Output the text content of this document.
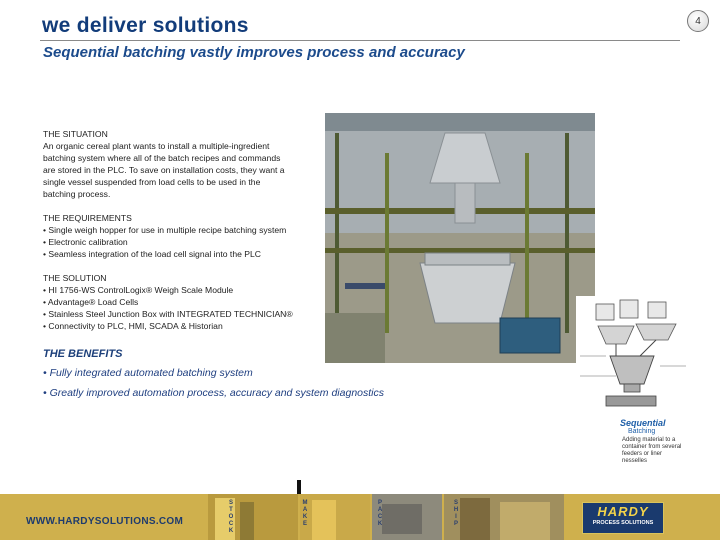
we deliver solutions	4
Sequential batching vastly improves process and accuracy
THE SITUATION
An organic cereal plant wants to install a multiple-ingredient
batching system where all of the batch recipes and commands
are stored in the PLC. To save on installation costs, they want a
single vessel suspended from load cells to be used in the
batching process.
THE REQUIREMENTS
• Single weigh hopper for use in multiple recipe batching system
• Electronic calibration
• Seamless integration of the load cell signal into the PLC
THE SOLUTION
• HI 1756-WS ControlLogix® Weigh Scale Module
• Advantage® Load Cells
• Stainless Steel Junction Box with INTEGRATED TECHNICIAN®
• Connectivity to PLC, HMI, SCADA & Historian
THE BENEFITS
• Fully integrated automated batching system
• Greatly improved automation process, accuracy and system diagnostics
Sequential
Batching
Adding material to a container from several feeders or liner nesselles
WWW.HARDYSOLUTIONS.COM
S
T
O
C
K
M
A
K
E
P
A
C
K
S
H
I
P
HARDY
PROCESS SOLUTIONS
